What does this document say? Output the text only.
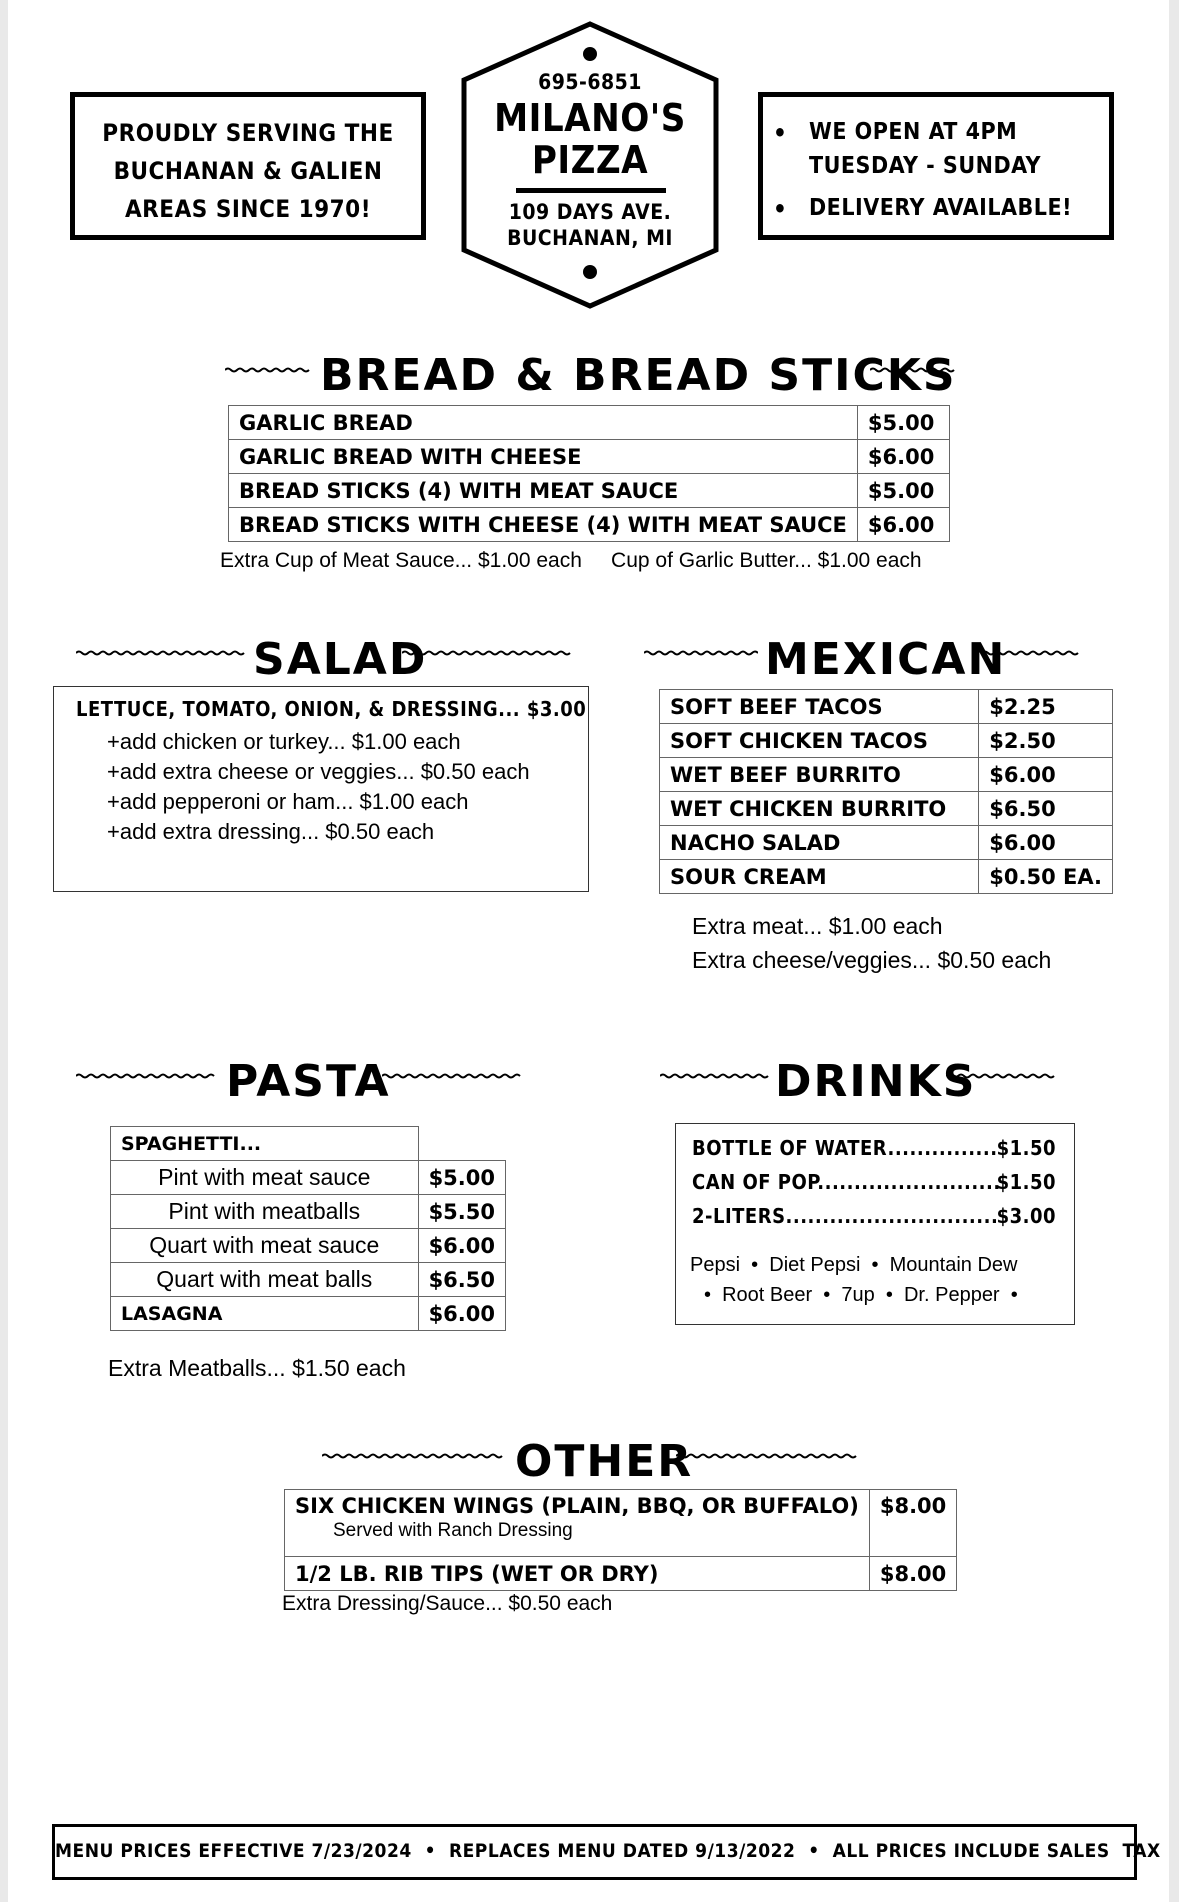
PROUDLY SERVING THE
BUCHANAN & GALIEN
AREAS SINCE 1970!
695-6851
MILANO'S
PIZZA
109 DAYS AVE.
BUCHANAN, MI
• WE OPEN AT 4PM
TUESDAY - SUNDAY
• DELIVERY AVAILABLE!
BREAD & BREAD STICKS
GARLIC BREAD	$5.00
GARLIC BREAD WITH CHEESE	$6.00
BREAD STICKS (4) WITH MEAT SAUCE	$5.00
BREAD STICKS WITH CHEESE (4) WITH MEAT SAUCE	$6.00
Extra Cup of Meat Sauce... $1.00 each     Cup of Garlic Butter... $1.00 each
SALAD
LETTUCE, TOMATO, ONION, & DRESSING... $3.00
+add chicken or turkey... $1.00 each
+add extra cheese or veggies... $0.50 each
+add pepperoni or ham... $1.00 each
+add extra dressing... $0.50 each
MEXICAN
SOFT BEEF TACOS	$2.25
SOFT CHICKEN TACOS	$2.50
WET BEEF BURRITO	$6.00
WET CHICKEN BURRITO	$6.50
NACHO SALAD	$6.00
SOUR CREAM	$0.50 EA.
Extra meat... $1.00 each
Extra cheese/veggies... $0.50 each
PASTA
SPAGHETTI...	
Pint with meat sauce	$5.00
Pint with meatballs	$5.50
Quart with meat sauce	$6.00
Quart with meat balls	$6.50
LASAGNA	$6.00
Extra Meatballs... $1.50 each
DRINKS
BOTTLE OF WATER............... $1.50
CAN OF POP.........................
$1.50
2-LITERS.............................
$3.00
Pepsi  •  Diet Pepsi  •  Mountain Dew
•  Root Beer  •  7up  •  Dr. Pepper  •
OTHER
SIX CHICKEN WINGS (PLAIN, BBQ, OR BUFFALO)
Served with Ranch Dressing	$8.00
1/2 LB. RIB TIPS (WET OR DRY)	$8.00
Extra Dressing/Sauce... $0.50 each
MENU PRICES EFFECTIVE 7/23/2024  •  REPLACES MENU DATED 9/13/2022  •  ALL PRICES INCLUDE SALES  TAX
